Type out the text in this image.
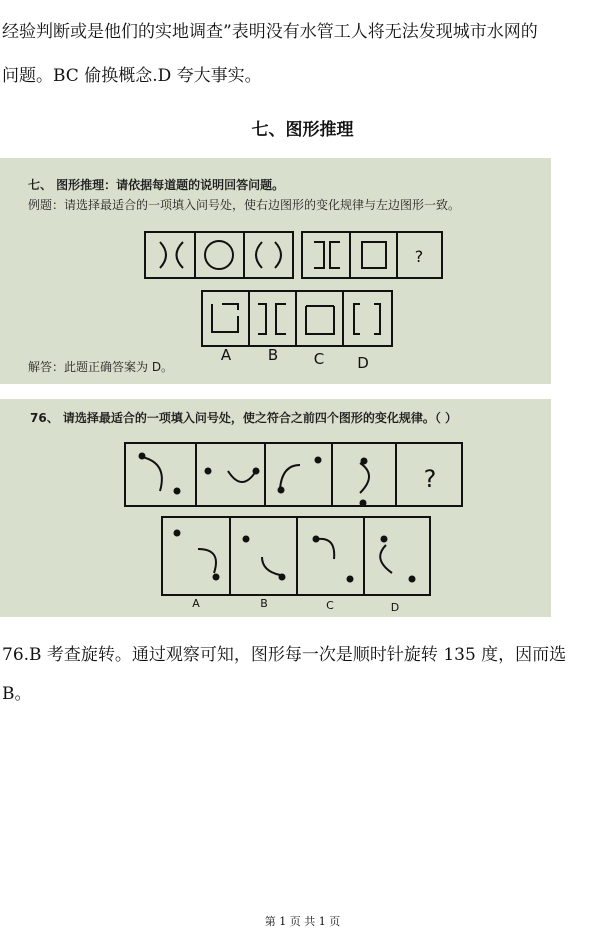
经验判断或是他们的实地调查”表明没有水管工人将无法发现城市水网的
问题。BC 偷换概念.D 夸大事实。
七、图形推理
七、 图形推理：请依据每道题的说明回答问题。
例题：请选择最适合的一项填入问号处，使右边图形的变化规律与左边图形一致。
?
A B C D
解答：此题正确答案为 D。
76、 请选择最适合的一项填入问号处，使之符合之前四个图形的变化规律。（ ）
?
A	B	C	D
76.B 考查旋转。通过观察可知，图形每一次是顺时针旋转 135 度，因而选
B。
第 1 页 共 1 页
